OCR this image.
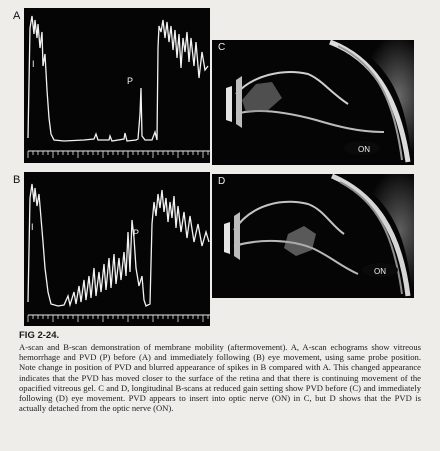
A
B
I
P
I
P
ON
C
ON
D

FIG 2-24.

A-scan and B-scan demonstration of membrane mobility (aftermovement). A, A-scan echograms show vitreous hemorrhage and PVD (P) before (A) and immediately following (B) eye movement, using same probe position. Note change in position of PVD and blurred appearance of spikes in B compared with A. This changed appearance indicates that the PVD has moved closer to the surface of the retina and that there is continuing movement of the opacified vitreous gel. C and D, longitudinal B-scans at reduced gain setting show PVD before (C) and immediately following (D) eye movement. PVD appears to insert into optic nerve (ON) in C, but D shows that the PVD is actually detached from the optic nerve (ON).
